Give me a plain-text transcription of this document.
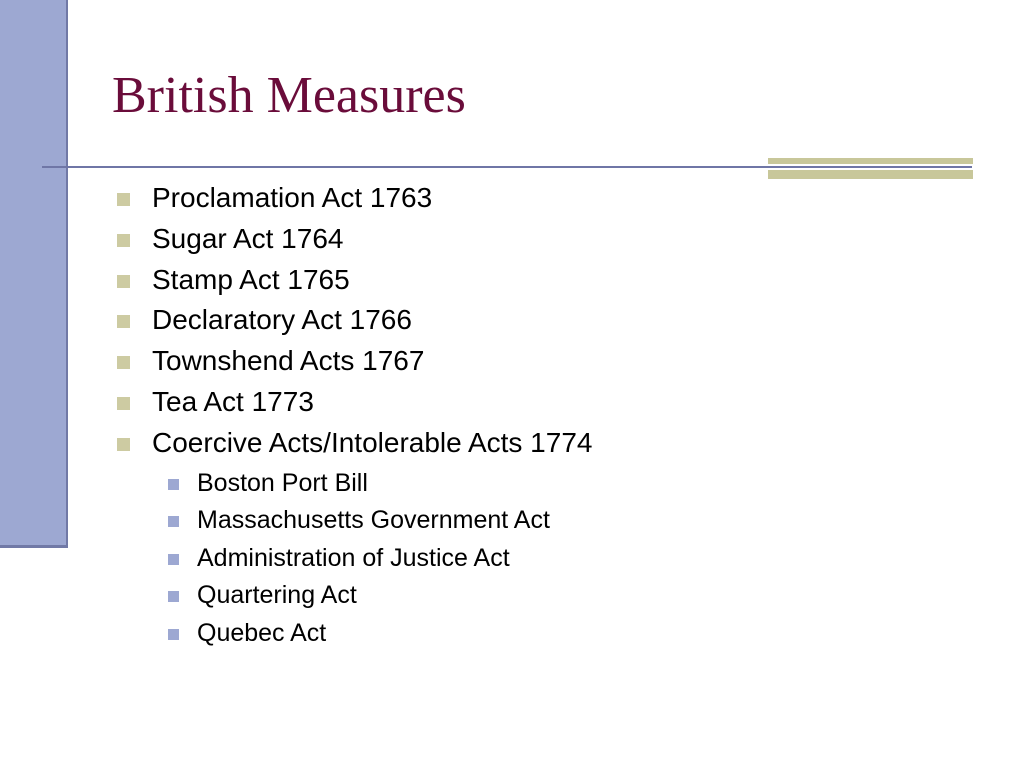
British Measures
Proclamation Act 1763
Sugar Act 1764
Stamp Act 1765
Declaratory Act 1766
Townshend Acts 1767
Tea Act 1773
Coercive Acts/Intolerable Acts 1774
Boston Port Bill
Massachusetts Government Act
Administration of Justice Act
Quartering Act
Quebec Act
